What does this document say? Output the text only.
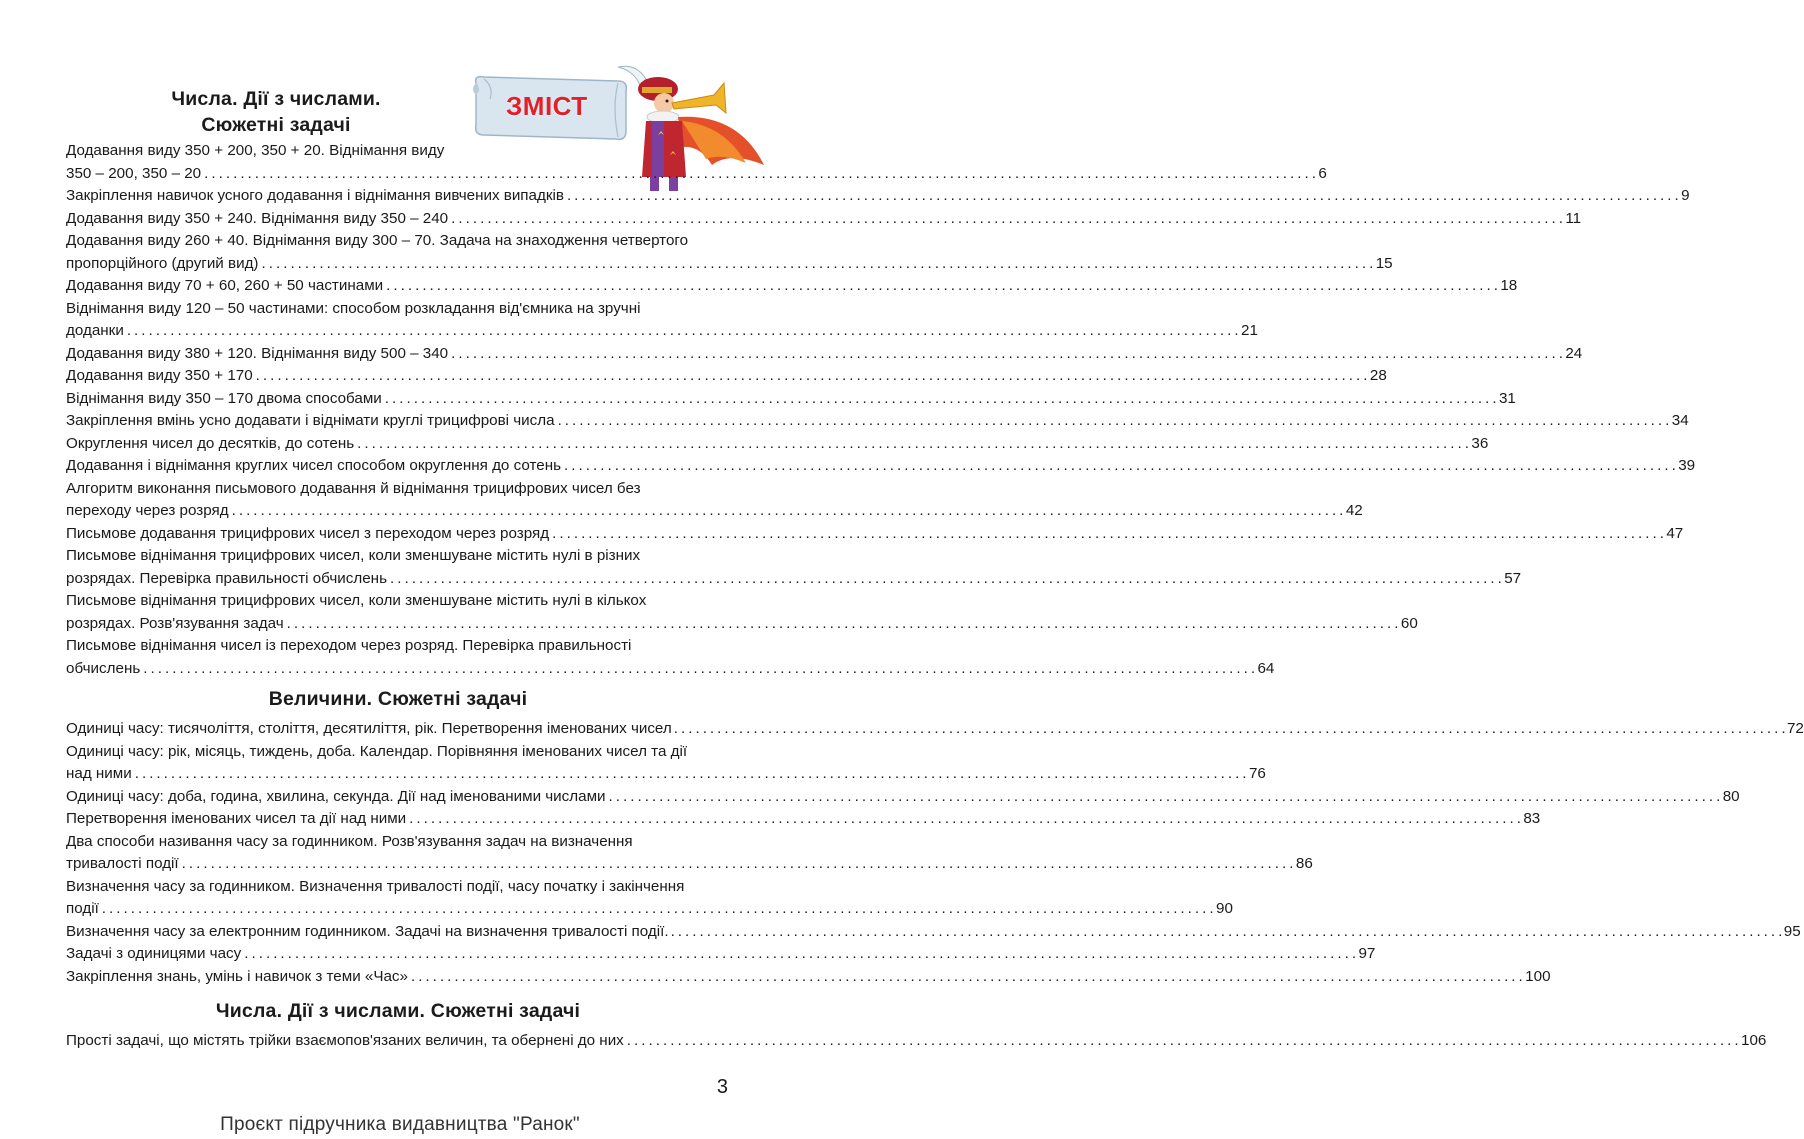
Числа. Дії з числами.
Сюжетні задачі
ЗМІСТ
Додавання виду 350 + 200, 350 + 20. Віднімання виду
350 – 200, 350 – 20 . . .	6
Закріплення навичок усного додавання і віднімання вивчених випадків . . .	9
Додавання виду 350 + 240. Віднімання виду 350 – 240 . . .	11
Додавання виду 260 + 40. Віднімання виду 300 – 70. Задача на знаходження четвертого
пропорційного (другий вид) . . .	15
Додавання виду 70 + 60, 260 + 50 частинами . . .	18
Віднімання виду 120 – 50 частинами: способом розкладання від'ємника на зручні
доданки . . .	21
Додавання виду 380 + 120. Віднімання виду 500 – 340 . . .	24
Додавання виду 350 + 170 . . .	28
Віднімання виду 350 – 170 двома способами . . .	31
Закріплення вмінь усно додавати і віднімати круглі трицифрові числа . . .	34
Округлення чисел до десятків, до сотень . . .	36
Додавання і віднімання круглих чисел способом округлення до сотень . . .	39
Алгоритм виконання письмового додавання й віднімання трицифрових чисел без
переходу через розряд . . .	42
Письмове додавання трицифрових чисел з переходом через розряд . . .	47
Письмове віднімання трицифрових чисел, коли зменшуване містить нулі в різних
розрядах. Перевірка правильності обчислень . . .	57
Письмове віднімання трицифрових чисел, коли зменшуване містить нулі в кількох
розрядах. Розв'язування задач . . .	60
Письмове віднімання чисел із переходом через розряд. Перевірка правильності
обчислень . . .	64
Величини. Сюжетні задачі
Одиниці часу: тисячоліття, століття, десятиліття, рік. Перетворення іменованих чисел . . .	72
Одиниці часу: рік, місяць, тиждень, доба. Календар. Порівняння іменованих чисел та дії
над ними . . .	76
Одиниці часу: доба, година, хвилина, секунда. Дії над іменованими числами . . .	80
Перетворення іменованих чисел та дії над ними . . .	83
Два способи називання часу за годинником. Розв'язування задач на визначення
тривалості події . . .	86
Визначення часу за годинником. Визначення тривалості події, часу початку і закінчення
події . . .	90
Визначення часу за електронним годинником. Задачі на визначення тривалості події. . . .	95
Задачі з одиницями часу . . .	97
Закріплення знань, умінь і навичок з теми «Час» . . .	100
Числа. Дії з числами. Сюжетні задачі
Прості задачі, що містять трійки взаємопов'язаних величин, та обернені до них . . .	106
3
Проєкт підручника видавництва "Ранок"
